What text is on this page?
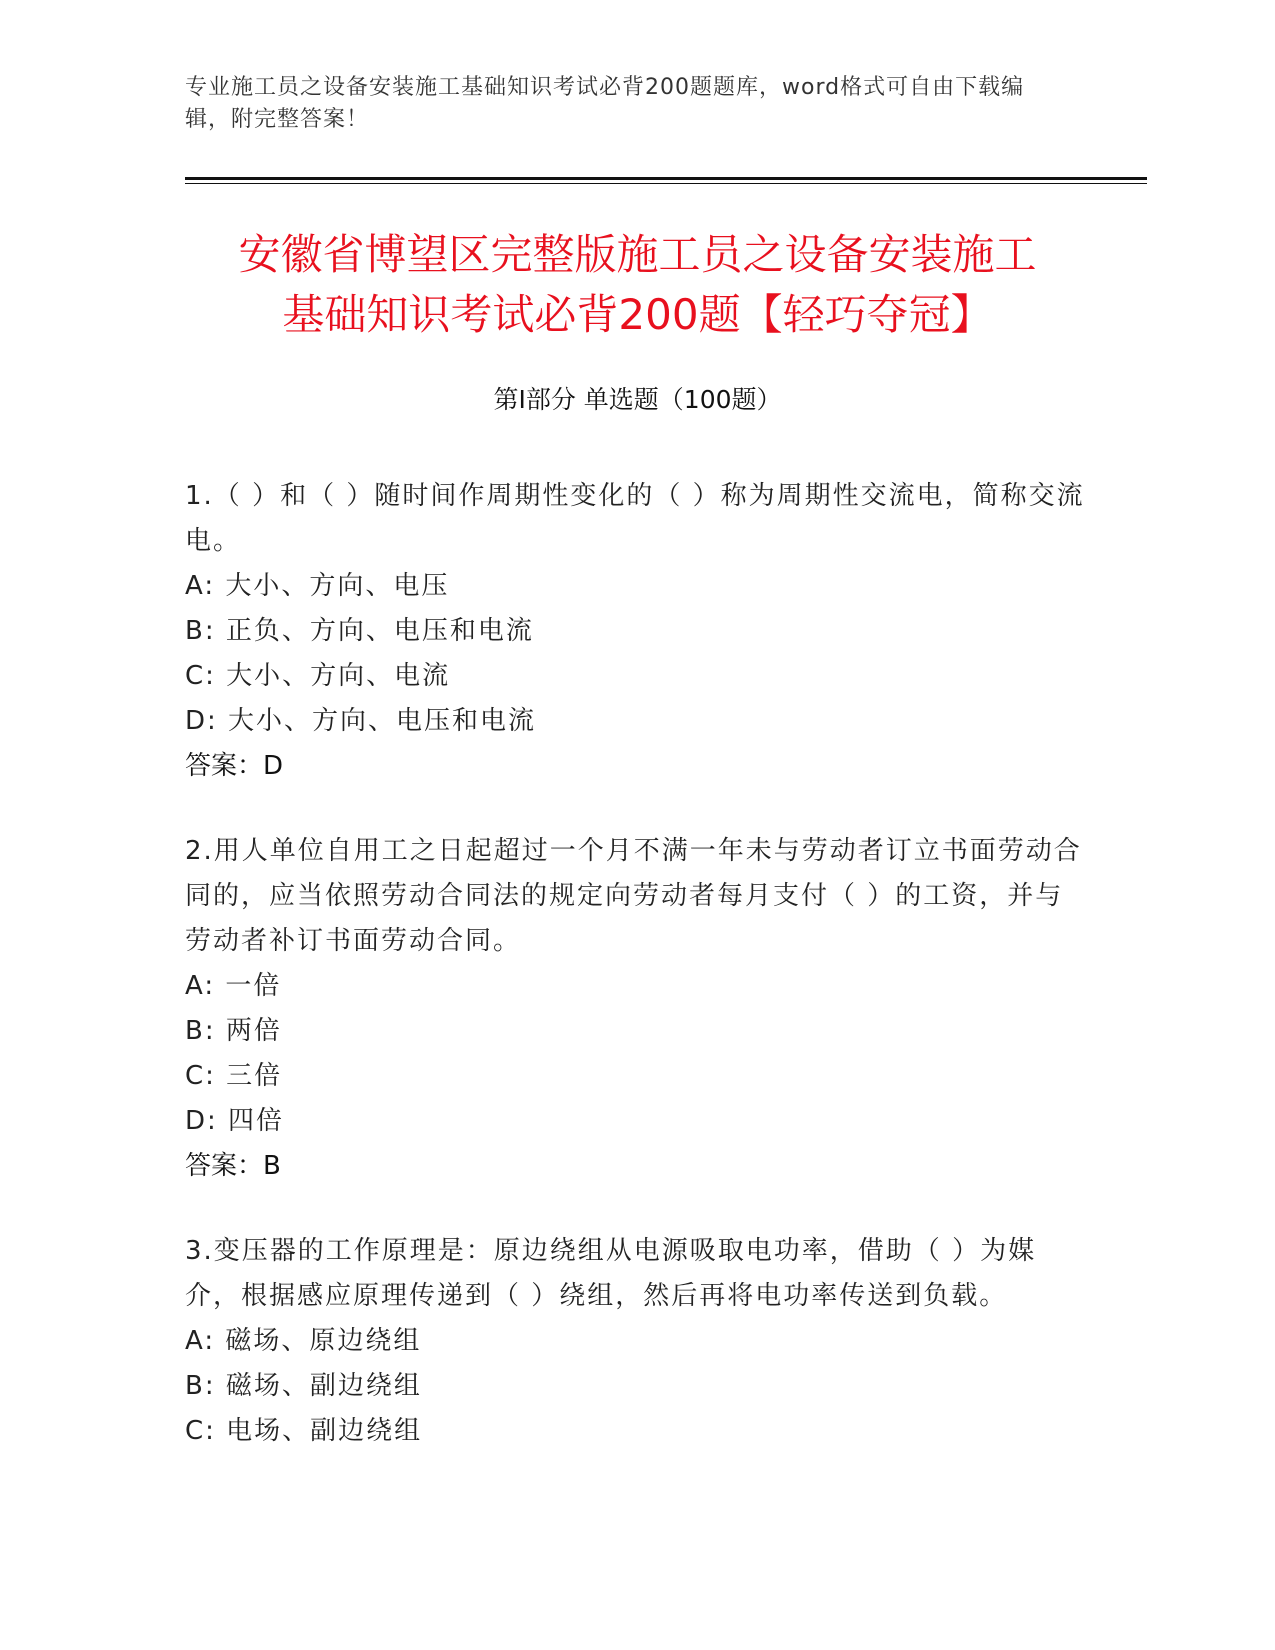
专业施工员之设备安装施工基础知识考试必背200题题库，word格式可自由下载编辑，附完整答案！
安徽省博望区完整版施工员之设备安装施工
基础知识考试必背200题【轻巧夺冠】
第Ⅰ部分 单选题（100题）
1.（ ）和（ ）随时间作周期性变化的（ ）称为周期性交流电，简称交流电。
A: 大小、方向、电压
B: 正负、方向、电压和电流
C: 大小、方向、电流
D: 大小、方向、电压和电流
答案：D
2.用人单位自用工之日起超过一个月不满一年未与劳动者订立书面劳动合同的，应当依照劳动合同法的规定向劳动者每月支付（ ）的工资，并与劳动者补订书面劳动合同。
A: 一倍
B: 两倍
C: 三倍
D: 四倍
答案：B
3.变压器的工作原理是：原边绕组从电源吸取电功率，借助（ ）为媒介，根据感应原理传递到（ ）绕组，然后再将电功率传送到负载。
A: 磁场、原边绕组
B: 磁场、副边绕组
C: 电场、副边绕组
